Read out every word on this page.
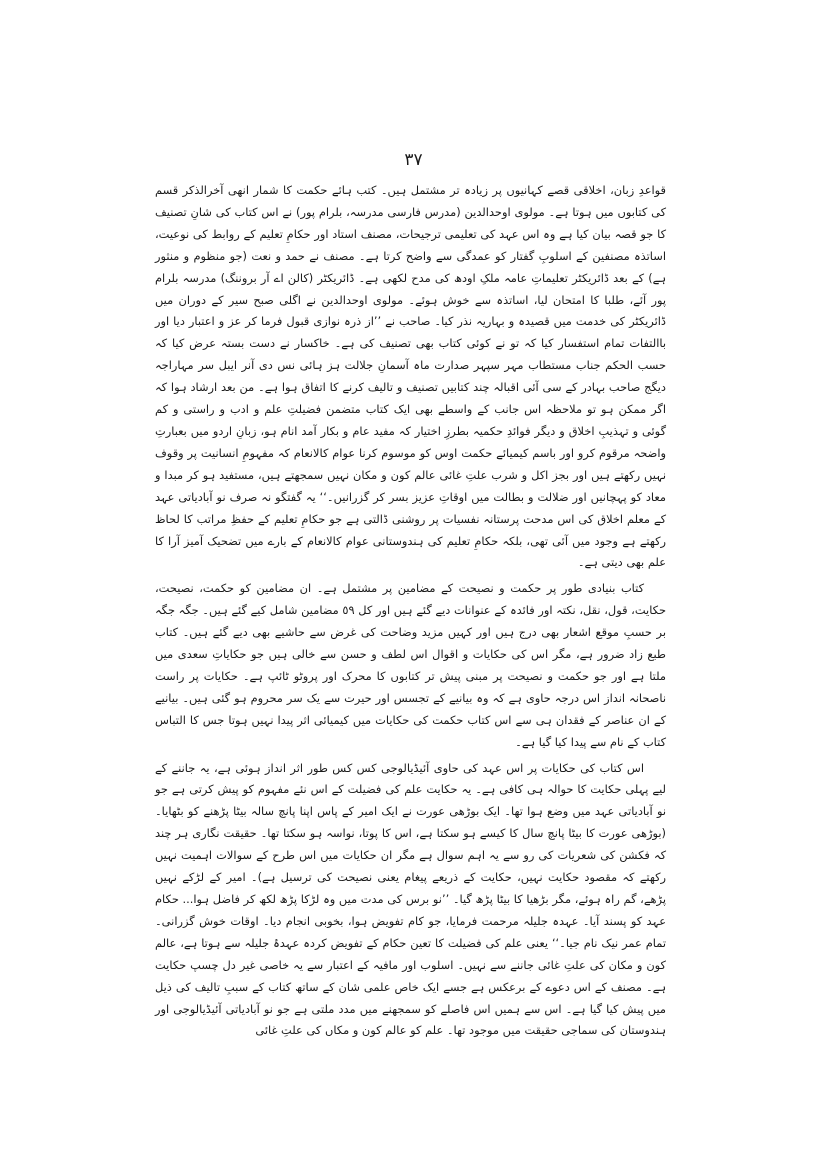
٣٧

قواعدِ زبان، اخلاقی قصے کہانیوں پر زیادہ تر مشتمل ہیں۔ کتب ہائے حکمت کا شمار انھی آخرالذکر قسم کی کتابوں میں ہوتا ہے۔ مولوی اوحدالدین (مدرس فارسی مدرسہ، بلرام پور) نے اس کتاب کی شانِ تصنیف کا جو قصہ بیان کیا ہے وہ اس عہد کی تعلیمی ترجیحات، مصنف استاد اور حکامِ تعلیم کے روابط کی نوعیت، اساتذہ مصنفین کے اسلوبِ گفتار کو عمدگی سے واضح کرتا ہے۔ مصنف نے حمد و نعت (جو منظوم و منثور ہے) کے بعد ڈائریکٹر تعلیماتِ عامہ ملکِ اودھ کی مدح لکھی ہے۔ ڈائریکٹر (کالن اے آر بروننگ) مدرسہ بلرام پور آئے، طلبا کا امتحان لیا، اساتذہ سے خوش ہوئے۔ مولوی اوحدالدین نے اگلی صبح سیر کے دوران میں ڈائریکٹر کی خدمت میں قصیدہ و بہاریہ نذر کیا۔ صاحب نے ’’از ذرہ نوازی قبول فرما کر عز و اعتبار دیا اور باالتفات تمام استفسار کیا کہ تو نے کوئی کتاب بھی تصنیف کی ہے۔ خاکسار نے دست بستہ عرض کیا کہ حسب الحکم جناب مستطاب مہر سپہر صدارت ماہ آسمانِ جلالت ہز ہائی نس دی آنر ایبل سر مہاراجہ دیگج صاحب بہادر کے سی آئی اقبالہ چند کتابیں تصنیف و تالیف کرنے کا اتفاق ہوا ہے۔ من بعد ارشاد ہوا کہ اگر ممکن ہو تو ملاحظہ اس جانب کے واسطے بھی ایک کتاب متضمن فضیلتِ علم و ادب و راستی و کم گوئی و تہذیبِ اخلاق و دیگر فوائدِ حکمیہ بطرزِ اختیار کہ مفید عام و بکار آمد انام ہو، زبانِ اردو میں بعبارتِ واضحہ مرقوم کرو اور باسم کیمیائے حکمت اوس کو موسوم کرنا عوام کالانعام کہ مفہومِ انسانیت پر وقوف نہیں رکھتے ہیں اور بجز اکل و شرب علتِ غائی عالم کون و مکان نہیں سمجھتے ہیں، مستفید ہو کر مبدا و معاد کو پہچانیں اور ضلالت و بطالت میں اوقاتِ عزیز بسر کر گزرانیں۔‘‘ یہ گفتگو نہ صرف نو آبادیاتی عہد کے معلم اخلاق کی اس مدحت پرستانہ نفسیات پر روشنی ڈالتی ہے جو حکامِ تعلیم کے حفظِ مراتب کا لحاظ رکھتے ہے وجود میں آئی تھی، بلکہ حکامِ تعلیم کی ہندوستانی عوام کالانعام کے بارے میں تضحیک آمیز آرا کا علم بھی دیتی ہے۔

کتاب بنیادی طور پر حکمت و نصیحت کے مضامین پر مشتمل ہے۔ ان مضامین کو حکمت، نصیحت، حکایت، قول، نقل، نکتہ اور فائدہ کے عنوانات دیے گئے ہیں اور کل ٥٩ مضامین شامل کیے گئے ہیں۔ جگہ جگہ بر حسبِ موقع اشعار بھی درج ہیں اور کہیں مزید وضاحت کی غرض سے حاشیے بھی دیے گئے ہیں۔ کتاب طبع زاد ضرور ہے، مگر اس کی حکایات و اقوال اس لطف و حسن سے خالی ہیں جو حکایاتِ سعدی میں ملتا ہے اور جو حکمت و نصیحت پر مبنی پیش تر کتابوں کا محرک اور پروٹو ٹائپ ہے۔ حکایات پر راست ناصحانہ انداز اس درجہ حاوی ہے کہ وہ بیانیے کے تجسس اور حیرت سے یک سر محروم ہو گئی ہیں۔ بیانیے کے ان عناصر کے فقدان ہی سے اس کتاب حکمت کی حکایات میں کیمیائی اثر پیدا نہیں ہوتا جس کا التباس کتاب کے نام سے پیدا کیا گیا ہے۔

اس کتاب کی حکایات پر اس عہد کی حاوی آئیڈیالوجی کس کس طور اثر انداز ہوئی ہے، یہ جاننے کے لیے پہلی حکایت کا حوالہ ہی کافی ہے۔ یہ حکایت علم کی فضیلت کے اس نئے مفہوم کو پیش کرتی ہے جو نو آبادیاتی عہد میں وضع ہوا تھا۔ ایک بوڑھی عورت نے ایک امیر کے پاس اپنا پانچ سالہ بیٹا پڑھنے کو بٹھایا۔ (بوڑھی عورت کا بیٹا پانچ سال کا کیسے ہو سکتا ہے، اس کا پوتا، نواسہ ہو سکتا تھا۔ حقیقت نگاری ہر چند کہ فکشن کی شعریات کی رو سے یہ اہم سوال ہے مگر ان حکایات میں اس طرح کے سوالات اہمیت نہیں رکھتے کہ مقصود حکایت نہیں، حکایت کے ذریعے پیغام یعنی نصیحت کی ترسیل ہے)۔ امیر کے لڑکے نہیں پڑھے، گم راہ ہوئے، مگر بڑھیا کا بیٹا پڑھ گیا۔ ’’نو برس کی مدت میں وہ لڑکا پڑھ لکھ کر فاضل ہوا... حکام عہد کو پسند آیا۔ عہدہ جلیلہ مرحمت فرمایا، جو کام تفویض ہوا، بخوبی انجام دیا۔ اوقات خوش گزرانی۔ تمام عمر نیک نام جیا۔‘‘ یعنی علم کی فضیلت کا تعین حکام کے تفویض کردہ عہدۂ جلیلہ سے ہوتا ہے، عالم کون و مکان کی علتِ غائی جاننے سے نہیں۔ اسلوب اور مافیہ کے اعتبار سے یہ خاصی غیر دل چسپ حکایت ہے۔ مصنف کے اس دعوے کے برعکس ہے جسے ایک خاص علمی شان کے ساتھ کتاب کے سببِ تالیف کی ذیل میں پیش کیا گیا ہے۔ اس سے ہمیں اس فاصلے کو سمجھنے میں مدد ملتی ہے جو نو آبادیاتی آئیڈیالوجی اور ہندوستان کی سماجی حقیقت میں موجود تھا۔ علم کو عالم کون و مکاں کی علتِ غائی
